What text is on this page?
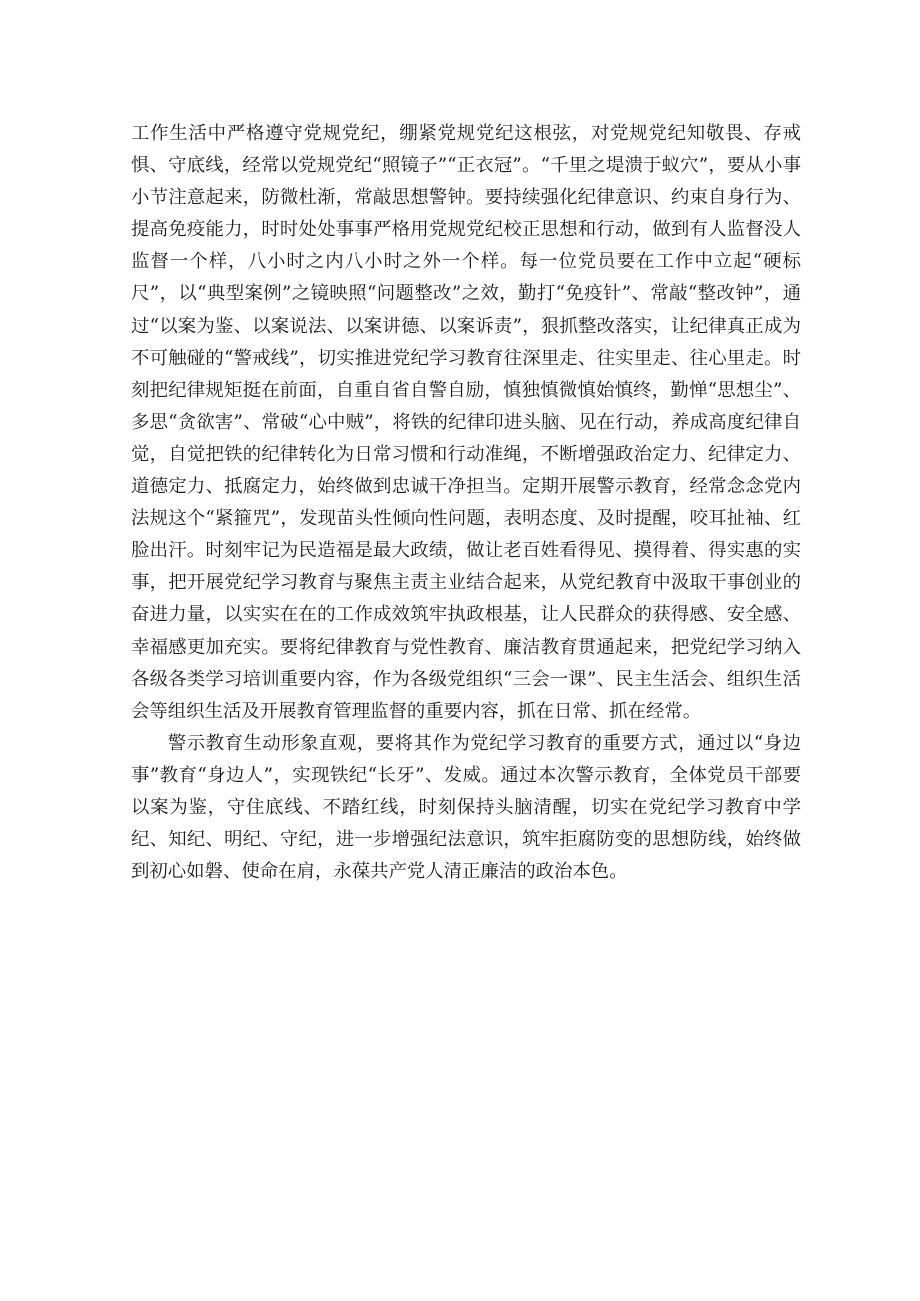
工作生活中严格遵守党规党纪，绷紧党规党纪这根弦，对党规党纪知敬畏、存戒惧、守底线，经常以党规党纪“照镜子”“正衣冠”。“千里之堤溃于蚁穴”，要从小事小节注意起来，防微杜渐，常敲思想警钟。要持续强化纪律意识、约束自身行为、提高免疫能力，时时处处事事严格用党规党纪校正思想和行动，做到有人监督没人监督一个样，八小时之内八小时之外一个样。每一位党员要在工作中立起“硬标尺”，以“典型案例”之镜映照“问题整改”之效，勤打“免疫针”、常敲“整改钟”，通过“以案为鉴、以案说法、以案讲德、以案诉责”，狠抓整改落实，让纪律真正成为不可触碰的“警戒线”，切实推进党纪学习教育往深里走、往实里走、往心里走。时刻把纪律规矩挺在前面，自重自省自警自励，慎独慎微慎始慎终，勤惮“思想尘”、多思“贪欲害”、常破“心中贼”，将铁的纪律印进头脑、见在行动，养成高度纪律自觉，自觉把铁的纪律转化为日常习惯和行动准绳，不断增强政治定力、纪律定力、道德定力、抵腐定力，始终做到忠诚干净担当。定期开展警示教育，经常念念党内法规这个“紧箍咒”，发现苗头性倾向性问题，表明态度、及时提醒，咬耳扯袖、红脸出汗。时刻牢记为民造福是最大政绩，做让老百姓看得见、摸得着、得实惠的实事，把开展党纪学习教育与聚焦主责主业结合起来，从党纪教育中汲取干事创业的奋进力量，以实实在在的工作成效筑牢执政根基，让人民群众的获得感、安全感、幸福感更加充实。要将纪律教育与党性教育、廉洁教育贯通起来，把党纪学习纳入各级各类学习培训重要内容，作为各级党组织“三会一课”、民主生活会、组织生活会等组织生活及开展教育管理监督的重要内容，抓在日常、抓在经常。

警示教育生动形象直观，要将其作为党纪学习教育的重要方式，通过以“身边事”教育“身边人”，实现铁纪“长牙”、发威。通过本次警示教育，全体党员干部要以案为鉴，守住底线、不踏红线，时刻保持头脑清醒，切实在党纪学习教育中学纪、知纪、明纪、守纪，进一步增强纪法意识，筑牢拒腐防变的思想防线，始终做到初心如磐、使命在肩，永葆共产党人清正廉洁的政治本色。
